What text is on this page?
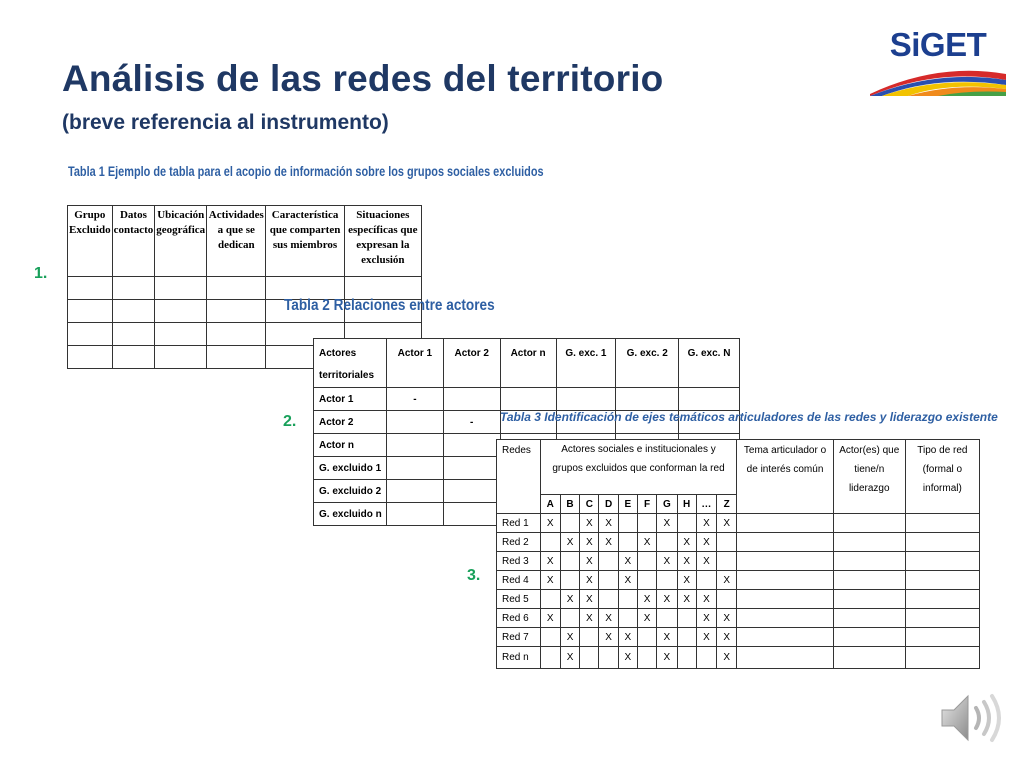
Análisis de las redes del territorio
(breve referencia al instrumento)
SiGET
Tabla 1 Ejemplo de tabla para el acopio de información sobre los grupos sociales excluidos
Grupo Excluido	Datos contacto	Ubicación geográfica	Actividades a que se dedican	Característica que comparten sus miembros	Situaciones específicas que expresan la exclusión

1.
Tabla 2 Relaciones entre actores
Actores territoriales	Actor 1	Actor 2	Actor n	G. exc. 1	G. exc. 2	G. exc. N
Actor 1	-					
Actor 2		-				
Actor n						
G. excluido 1						
G. excluido 2						
G. excluido n						
2.	Tabla 3 Identificación de ejes temáticos articuladores de las redes y liderazgo existente
Redes	Actores sociales e institucionales y grupos excluidos que conforman la red										Tema articulador o de interés común	Actor(es) que tiene/n liderazgo	Tipo de red (formal o informal)
	A	B	C	D	E	F	G	H	…	Z			
Red 1	X		X	X			X		X	X			
Red 2		X	X	X		X		X	X				
Red 3	X		X		X		X	X	X				
Red 4	X		X		X			X		X			
Red 5		X	X			X	X	X	X				
Red 6	X		X	X		X			X	X			
Red 7		X		X	X		X		X	X			
Red n		X			X		X			X			
3.
